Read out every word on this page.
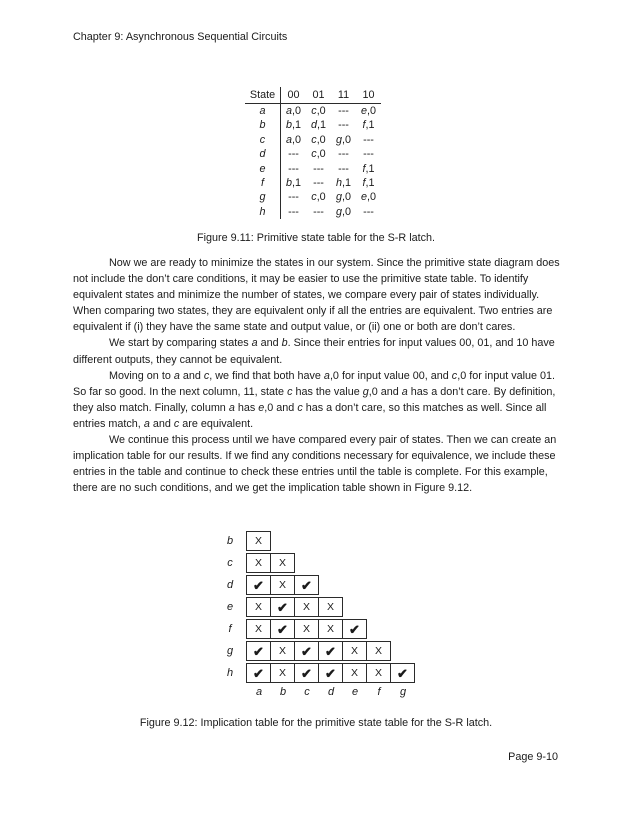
Chapter 9: Asynchronous Sequential Circuits
State	00	01	11	10
a	a,0	c,0	---	e,0
b	b,1	d,1	---	f,1
c	a,0	c,0	g,0	---
d	---	c,0	---	---
e	---	---	---	f,1
f	b,1	---	h,1	f,1
g	---	c,0	g,0	e,0
h	---	---	g,0	---
Figure 9.11: Primitive state table for the S-R latch.

Now we are ready to minimize the states in our system. Since the primitive state diagram does not include the don’t care conditions, it may be easier to use the primitive state table. To identify equivalent states and minimize the number of states, we compare every pair of states individually. When comparing two states, they are equivalent only if all the entries are equivalent. Two entries are equivalent if (i) they have the same state and output value, or (ii) one or both are don’t cares.

We start by comparing states a and b. Since their entries for input values 00, 01, and 10 have different outputs, they cannot be equivalent.

Moving on to a and c, we find that both have a,0 for input value 00, and c,0 for input value 01. So far so good. In the next column, 11, state c has the value g,0 and a has a don’t care. By definition, they also match. Finally, column a has e,0 and c has a don’t care, so this matches as well. Since all entries match, a and c are equivalent.

We continue this process until we have compared every pair of states. Then we can create an implication table for our results. If we find any conditions necessary for equivalence, we include these entries in the table and continue to check these entries until the table is complete. For this example, there are no such conditions, and we get the implication table shown in Figure 9.12.

b	X
c	X	X
d	✔	X	✔
e	X	✔	X	X
f	X	✔	X	X	✔
g	✔	X	✔	✔	X	X
h	✔	X	✔	✔	X	X	✔
a	b	c	d	e	f	g
Figure 9.12: Implication table for the primitive state table for the S-R latch.
Page 9-10
